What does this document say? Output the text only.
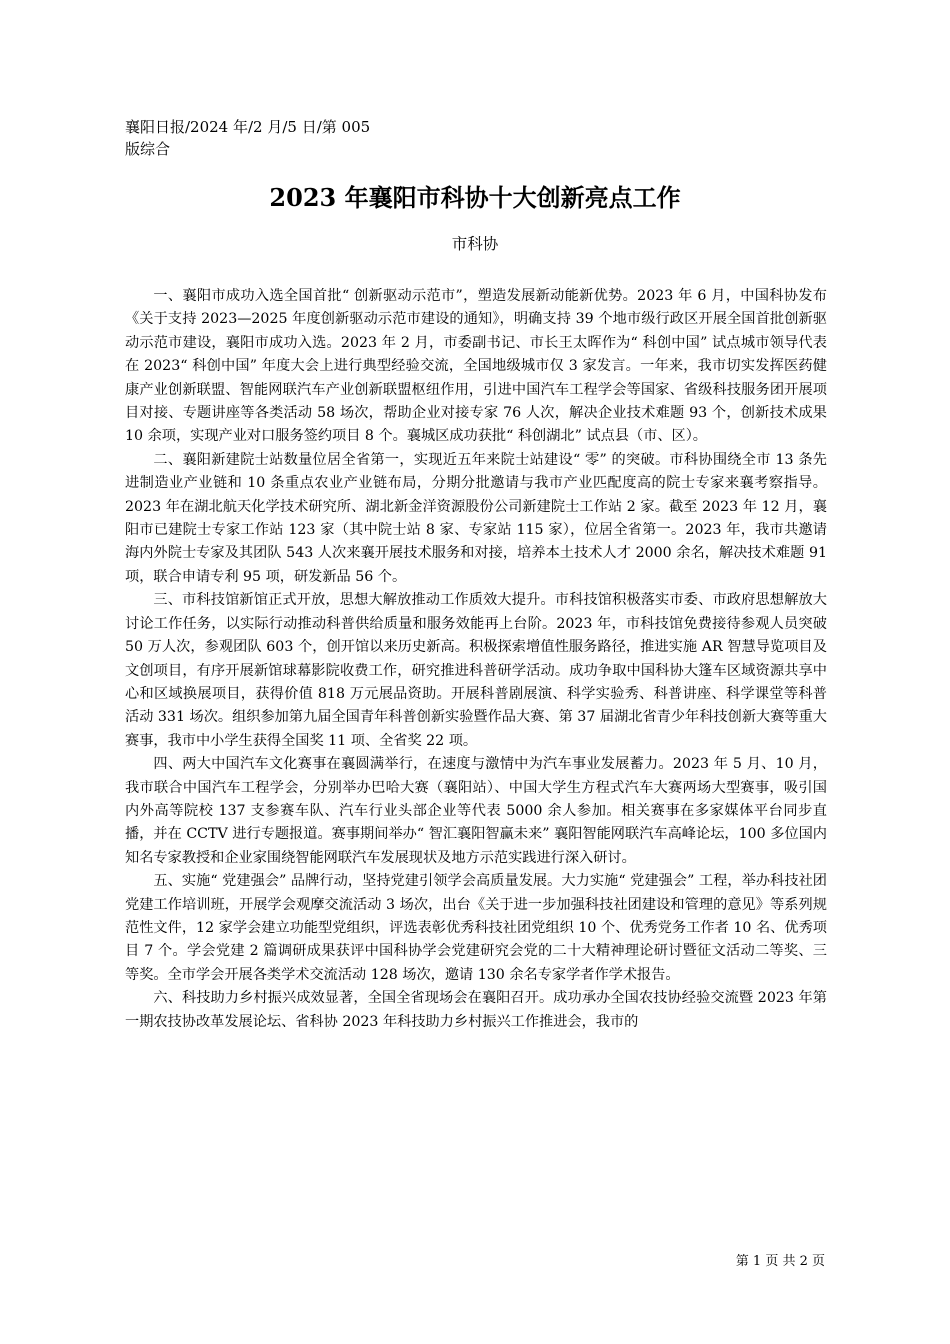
襄阳日报/2024 年/2 月/5 日/第 005
版综合
2023 年襄阳市科协十大创新亮点工作
市科协

一、襄阳市成功入选全国首批“ 创新驱动示范市”，塑造发展新动能新优势。2023 年 6 月，中国科协发布《关于支持 2023—2025 年度创新驱动示范市建设的通知》，明确支持 39 个地市级行政区开展全国首批创新驱动示范市建设，襄阳市成功入选。2023 年 2 月，市委副书记、市长王太晖作为“ 科创中国” 试点城市领导代表在 2023“ 科创中国” 年度大会上进行典型经验交流，全国地级城市仅 3 家发言。一年来，我市切实发挥医药健康产业创新联盟、智能网联汽车产业创新联盟枢纽作用，引进中国汽车工程学会等国家、省级科技服务团开展项目对接、专题讲座等各类活动 58 场次，帮助企业对接专家 76 人次，解决企业技术难题 93 个，创新技术成果 10 余项，实现产业对口服务签约项目 8 个。襄城区成功获批“ 科创湖北” 试点县（市、区）。

二、襄阳新建院士站数量位居全省第一，实现近五年来院士站建设“ 零” 的突破。市科协围绕全市 13 条先进制造业产业链和 10 条重点农业产业链布局，分期分批邀请与我市产业匹配度高的院士专家来襄考察指导。2023 年在湖北航天化学技术研究所、湖北新金洋资源股份公司新建院士工作站 2 家。截至 2023 年 12 月，襄阳市已建院士专家工作站 123 家（其中院士站 8 家、专家站 115 家），位居全省第一。2023 年，我市共邀请海内外院士专家及其团队 543 人次来襄开展技术服务和对接，培养本土技术人才 2000 余名，解决技术难题 91 项，联合申请专利 95 项，研发新品 56 个。

三、市科技馆新馆正式开放，思想大解放推动工作质效大提升。市科技馆积极落实市委、市政府思想解放大讨论工作任务，以实际行动推动科普供给质量和服务效能再上台阶。2023 年，市科技馆免费接待参观人员突破 50 万人次，参观团队 603 个，创开馆以来历史新高。积极探索增值性服务路径，推进实施 AR 智慧导览项目及文创项目，有序开展新馆球幕影院收费工作，研究推进科普研学活动。成功争取中国科协大篷车区域资源共享中心和区域换展项目，获得价值 818 万元展品资助。开展科普剧展演、科学实验秀、科普讲座、科学课堂等科普活动 331 场次。组织参加第九届全国青年科普创新实验暨作品大赛、第 37 届湖北省青少年科技创新大赛等重大赛事，我市中小学生获得全国奖 11 项、全省奖 22 项。

四、两大中国汽车文化赛事在襄圆满举行，在速度与激情中为汽车事业发展蓄力。2023 年 5 月、10 月，我市联合中国汽车工程学会，分别举办巴哈大赛（襄阳站）、中国大学生方程式汽车大赛两场大型赛事，吸引国内外高等院校 137 支参赛车队、汽车行业头部企业等代表 5000 余人参加。相关赛事在多家媒体平台同步直播，并在 CCTV 进行专题报道。赛事期间举办“ 智汇襄阳智赢未来” 襄阳智能网联汽车高峰论坛，100 多位国内知名专家教授和企业家围绕智能网联汽车发展现状及地方示范实践进行深入研讨。

五、实施“ 党建强会” 品牌行动，坚持党建引领学会高质量发展。大力实施“ 党建强会” 工程，举办科技社团党建工作培训班，开展学会观摩交流活动 3 场次，出台《关于进一步加强科技社团建设和管理的意见》等系列规范性文件，12 家学会建立功能型党组织，评选表彰优秀科技社团党组织 10 个、优秀党务工作者 10 名、优秀项目 7 个。学会党建 2 篇调研成果获评中国科协学会党建研究会党的二十大精神理论研讨暨征文活动二等奖、三等奖。全市学会开展各类学术交流活动 128 场次，邀请 130 余名专家学者作学术报告。

六、科技助力乡村振兴成效显著，全国全省现场会在襄阳召开。成功承办全国农技协经验交流暨 2023 年第一期农技协改革发展论坛、省科协 2023 年科技助力乡村振兴工作推进会，我市的

第 1 页 共 2 页
